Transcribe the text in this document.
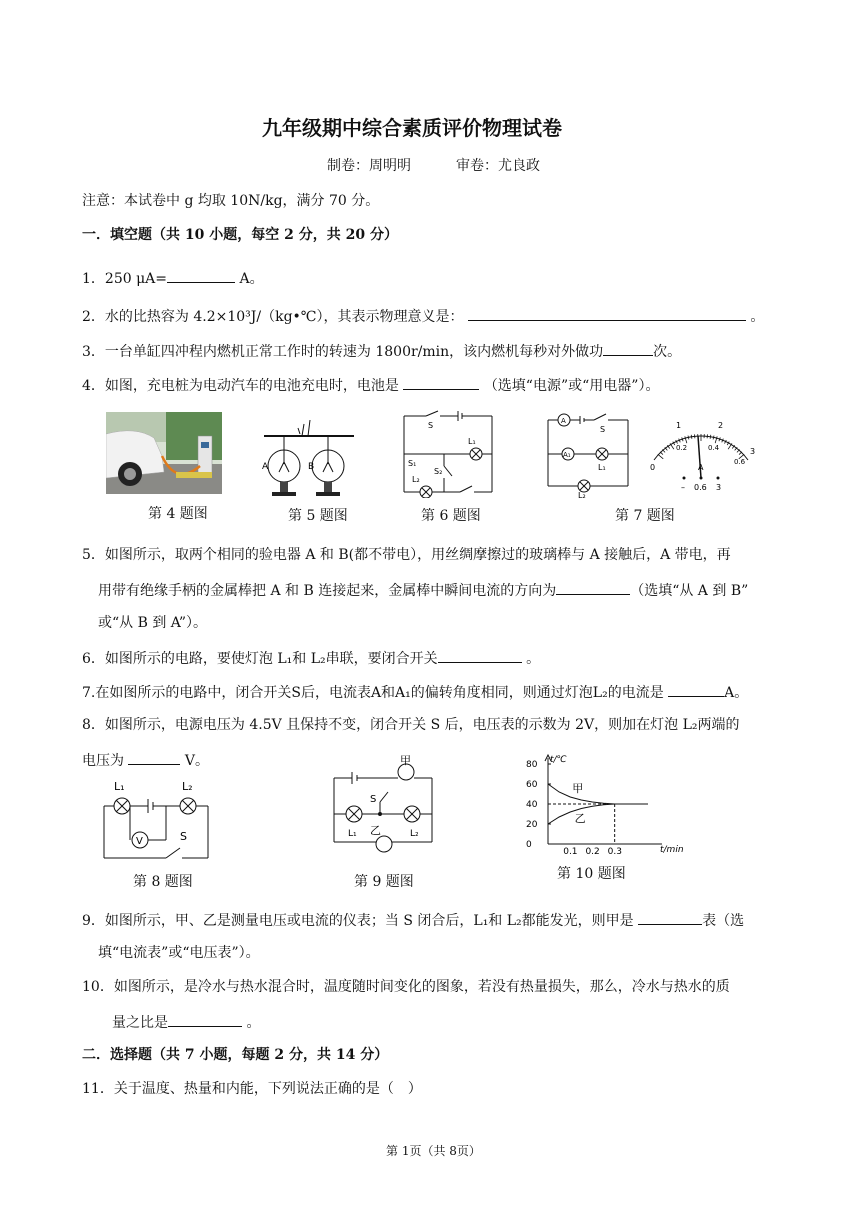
九年级期中综合素质评价物理试卷
制卷：周明明	审卷：尤良政
注意：本试卷中 g 均取 10N/kg，满分 70 分。
一．填空题（共 10 小题，每空 2 分，共 20 分）
1．250 μA=	A。
2．水的比热容为 4.2×10³J/（kg•℃），其表示物理意义是：	。
3．一台单缸四冲程内燃机正常工作时的转速为 1800r/min，该内燃机每秒对外做功	次。
4．如图，充电桩为电动汽车的电池充电时，电池是	（选填“电源”或“用电器”）。
第 4 题图
A	B
第 5 题图
S
S₁
S₂
L₁
L₂
第 6 题图
A
A₁
S
L₁
L₂
0
1	2
3
0.2	0.4
0.6
A
– 0.6 3
第 7 题图
5．如图所示，取两个相同的验电器 A 和 B(都不带电），用丝绸摩擦过的玻璃棒与 A 接触后，A 带电，再
用带有绝缘手柄的金属棒把 A 和 B 连接起来，金属棒中瞬间电流的方向为	（选填“从 A 到 B”
或“从 B 到 A”）。
6．如图所示的电路，要使灯泡 L₁和 L₂串联，要闭合开关	。
7.在如图所示的电路中，闭合开关S后，电流表A和A₁的偏转角度相同，则通过灯泡L₂的电流是	A。
8．如图所示，电源电压为 4.5V 且保持不变，闭合开关 S 后，电压表的示数为 2V，则加在灯泡 L₂两端的
电压为	V。
L₁	L₂
V	S
第 8 题图
甲
乙
S
L₁	L₂
第 9 题图
t/℃
t/min
0
20
40
60
80
0.1 0.2 0.3
甲
乙
第 10 题图
9．如图所示，甲、乙是测量电压或电流的仪表；当 S 闭合后，L₁和 L₂都能发光，则甲是	表（选
填“电流表”或“电压表”）。
10．如图所示，是冷水与热水混合时，温度随时间变化的图象，若没有热量损失，那么，冷水与热水的质
量之比是	。
二．选择题（共 7 小题，每题 2 分，共 14 分）
11．关于温度、热量和内能，下列说法正确的是（　）
第 1页（共 8页）
